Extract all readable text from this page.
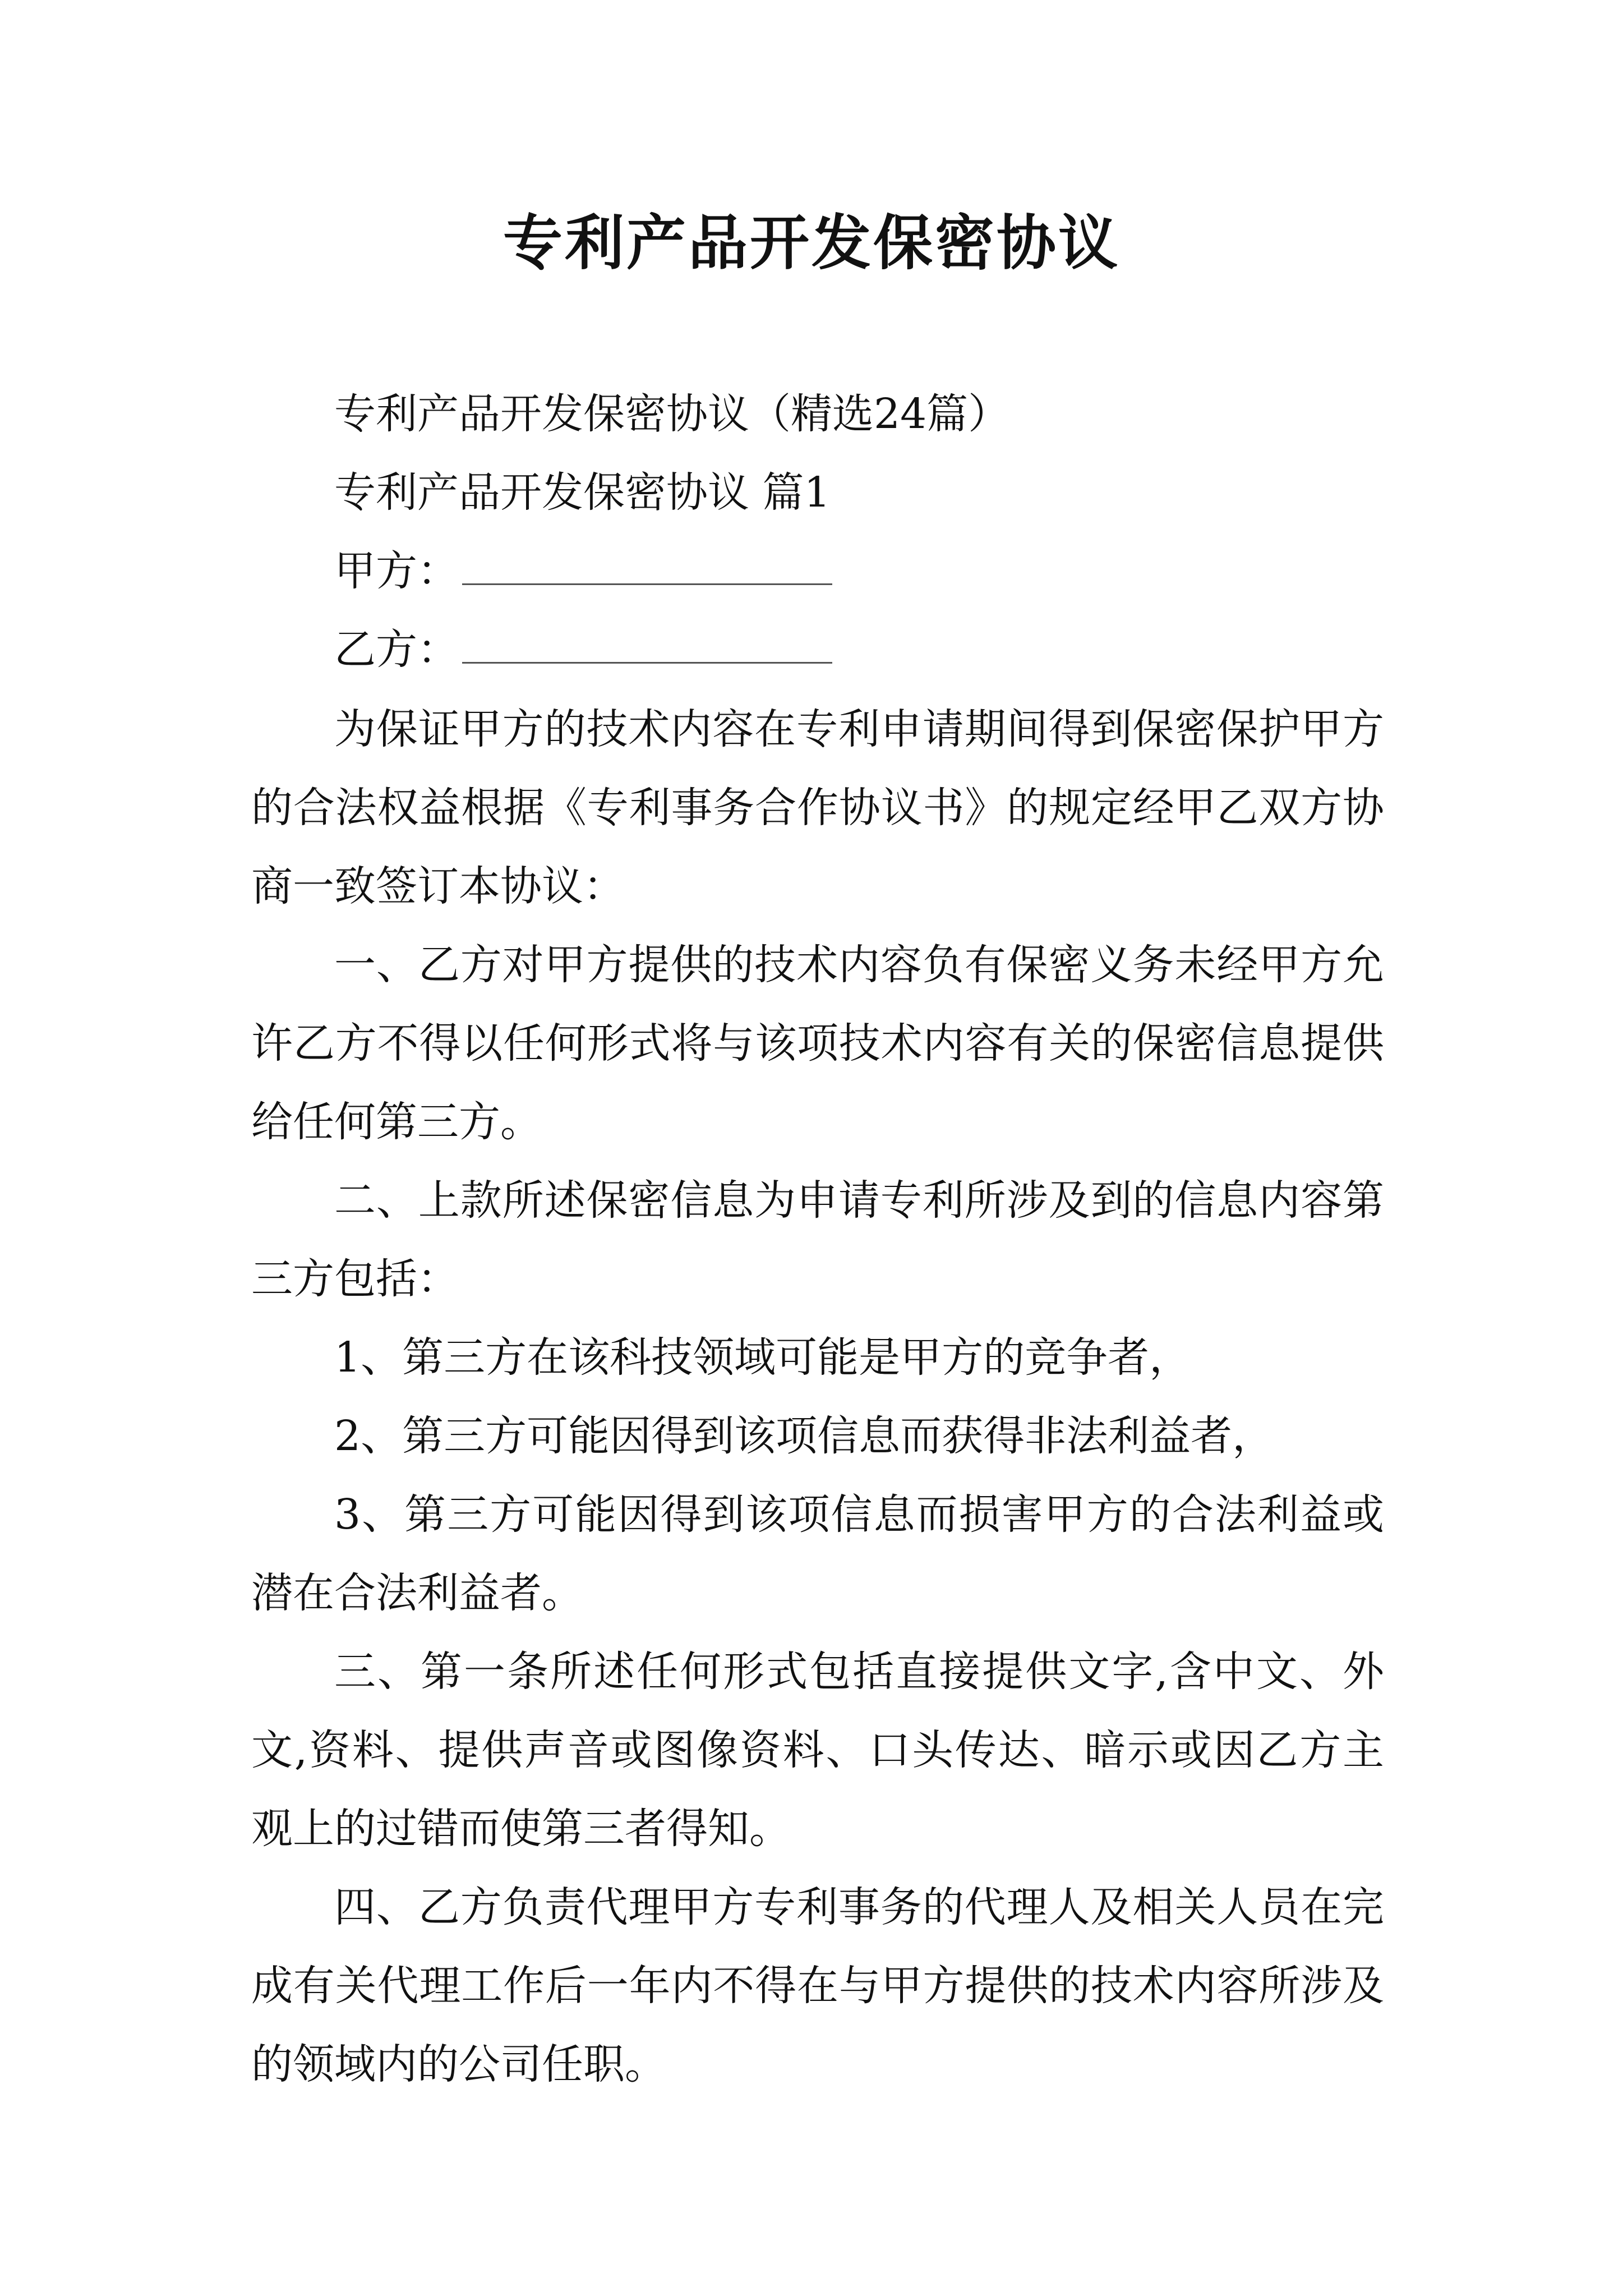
专利产品开发保密协议
专利产品开发保密协议（精选24篇）
专利产品开发保密协议 篇1
甲方：
乙方：
为保证甲方的技术内容在专利申请期间得到保密保护甲方的合法权益根据《专利事务合作协议书》的规定经甲乙双方协商一致签订本协议：
一、乙方对甲方提供的技术内容负有保密义务未经甲方允许乙方不得以任何形式将与该项技术内容有关的保密信息提供给任何第三方。
二、上款所述保密信息为申请专利所涉及到的信息内容第三方包括：
1、第三方在该科技领域可能是甲方的竞争者，
2、第三方可能因得到该项信息而获得非法利益者，
3、第三方可能因得到该项信息而损害甲方的合法利益或潜在合法利益者。
三、第一条所述任何形式包括直接提供文字,含中文、外文,资料、提供声音或图像资料、口头传达、暗示或因乙方主观上的过错而使第三者得知。
四、乙方负责代理甲方专利事务的代理人及相关人员在完成有关代理工作后一年内不得在与甲方提供的技术内容所涉及的领域内的公司任职。
